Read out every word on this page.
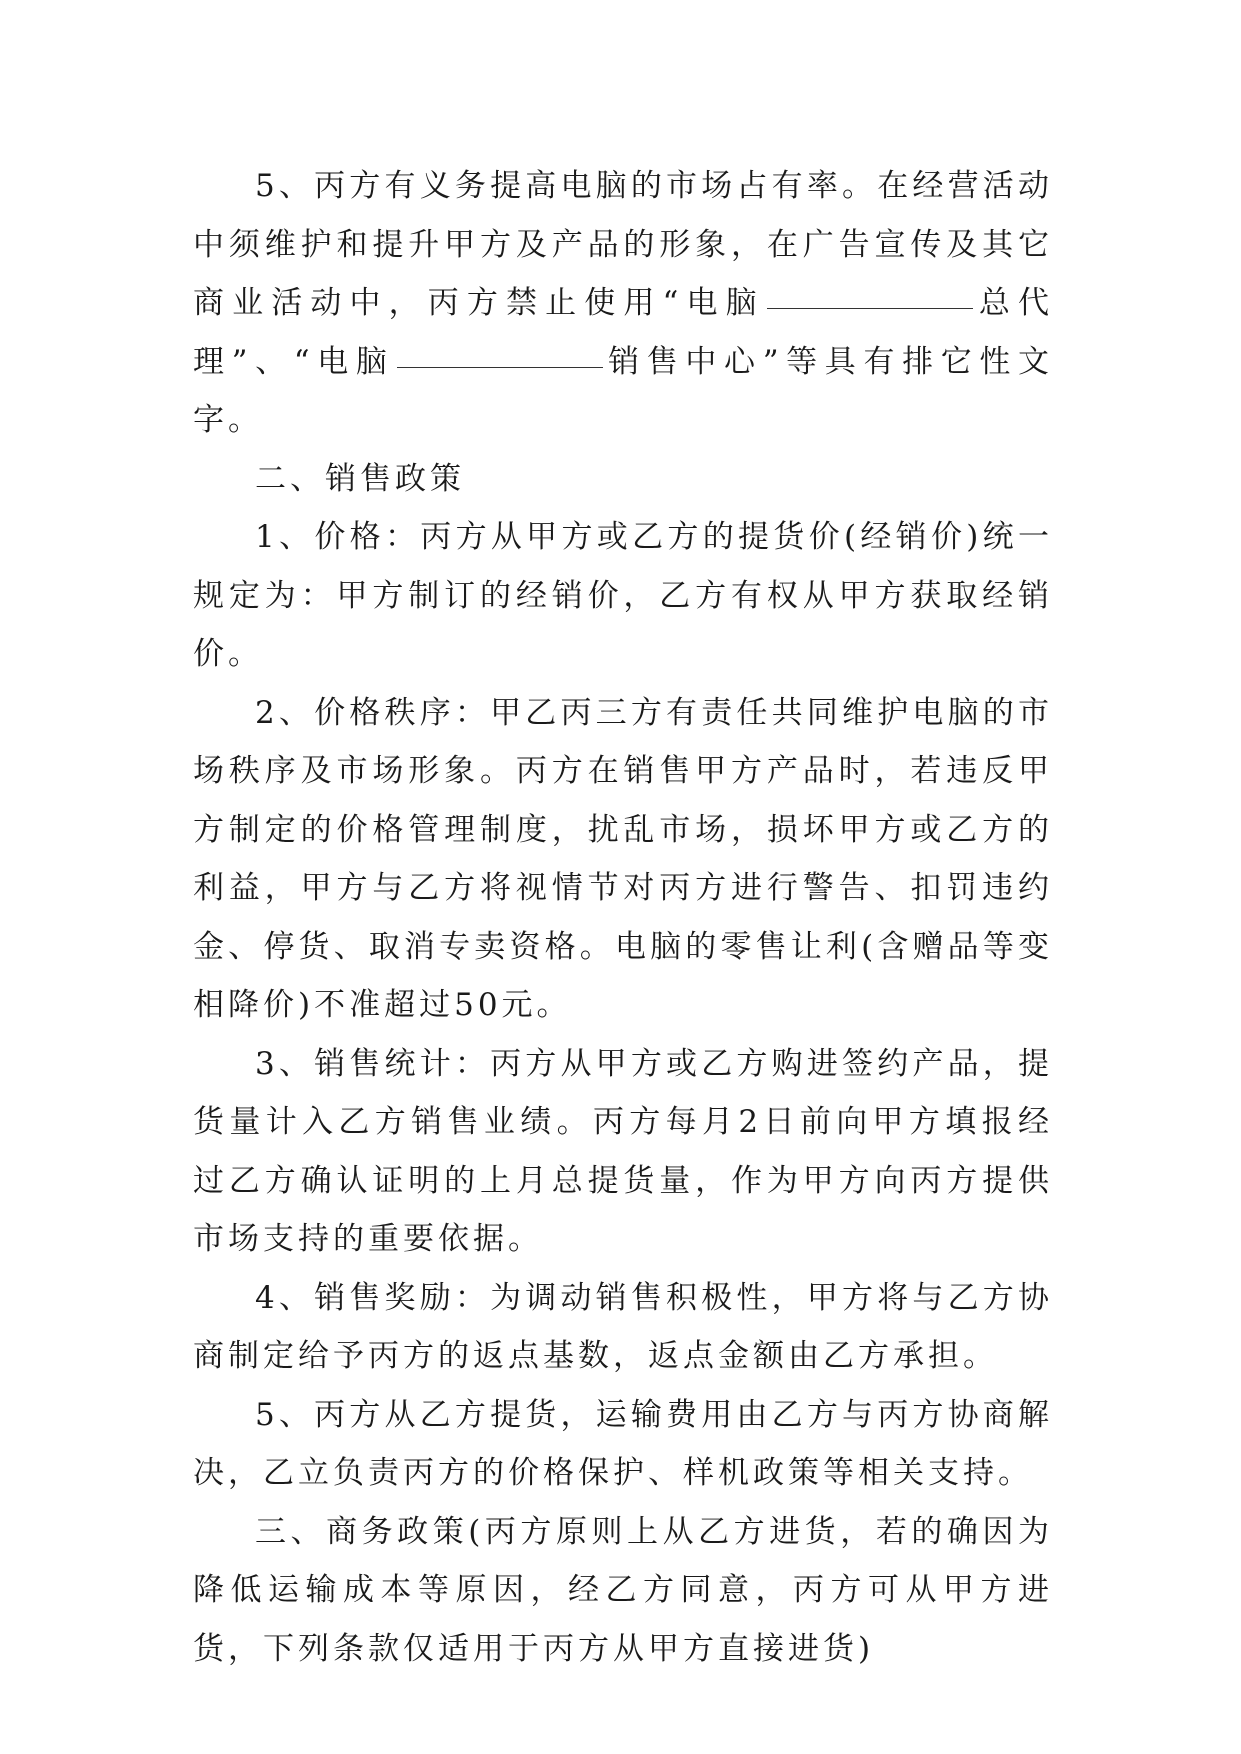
5、丙方有义务提高电脑的市场占有率。在经营活动中须维护和提升甲方及产品的形象，在广告宣传及其它商业活动中，丙方禁止使用“电脑	总代理”、“电脑	销售中心”等具有排它性文字。

二、销售政策

1、价格：丙方从甲方或乙方的提货价(经销价)统一规定为：甲方制订的经销价，乙方有权从甲方获取经销价。

2、价格秩序：甲乙丙三方有责任共同维护电脑的市场秩序及市场形象。丙方在销售甲方产品时，若违反甲方制定的价格管理制度，扰乱市场，损坏甲方或乙方的利益，甲方与乙方将视情节对丙方进行警告、扣罚违约金、停货、取消专卖资格。电脑的零售让利(含赠品等变相降价)不准超过50元。

3、销售统计：丙方从甲方或乙方购进签约产品，提货量计入乙方销售业绩。丙方每月2日前向甲方填报经过乙方确认证明的上月总提货量，作为甲方向丙方提供市场支持的重要依据。

4、销售奖励：为调动销售积极性，甲方将与乙方协商制定给予丙方的返点基数，返点金额由乙方承担。

5、丙方从乙方提货，运输费用由乙方与丙方协商解决，乙立负责丙方的价格保护、样机政策等相关支持。

三、商务政策(丙方原则上从乙方进货，若的确因为降低运输成本等原因，经乙方同意，丙方可从甲方进货，下列条款仅适用于丙方从甲方直接进货)
